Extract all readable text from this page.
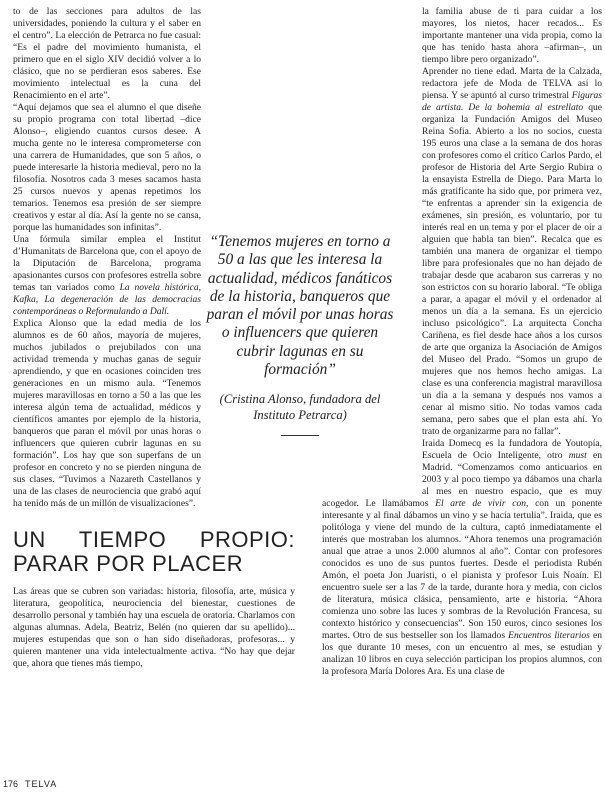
to de las secciones para adultos de las universidades, poniendo la cultura y el saber en el centro”. La elección de Petrarca no fue casual: “Es el padre del movimiento humanista, el primero que en el siglo XIV decidió volver a lo clásico, que no se perdieran esos saberes. Ese movimiento intelectual es la cuna del Renacimiento en el arte”.

“Aquí dejamos que sea el alumno el que diseñe su propio programa con total libertad –dice Alonso–, eligiendo cuantos cursos desee. A mucha gente no le interesa comprometerse con una carrera de Humanidades, que son 5 años, o puede interesarle la historia medieval, pero no la filosofía. Nosotros cada 3 meses sacamos hasta 25 cursos nuevos y apenas repetimos los temarios. Tenemos esa presión de ser siempre creativos y estar al día. Así la gente no se cansa, porque las humanidades son infinitas”.

Una fórmula similar emplea el Institut d’Humanitats de Barcelona que, con el apoyo de la Diputación de Barcelona, programa apasionantes cursos con profesores estrella sobre temas tan variados como La novela histórica, Kafka, La degeneración de las democracias contemporáneas o Reformulando a Dalí.

Explica Alonso que la edad media de los alumnos es de 60 años, mayoría de mujeres, muchos jubilados o prejubilados con una actividad tremenda y muchas ganas de seguir aprendiendo, y que en ocasiones coinciden tres generaciones en un mismo aula. “Tenemos mujeres maravillosas en torno a 50 a las que les interesa algún tema de actualidad, médicos y científicos amantes por ejemplo de la historia, banqueros que paran el móvil por unas horas o influencers que quieren cubrir lagunas en su formación”. Los hay que son superfans de un profesor en concreto y no se pierden ninguna de sus clases. “Tuvimos a Nazareth Castellanos y una de las clases de neurociencia que grabó aquí ha tenido más de un millón de visualizaciones”.

UN TIEMPO PROPIO: PARAR POR PLACER

Las áreas que se cubren son variadas: historia, filosofía, arte, música y literatura, geopolítica, neurociencia del bienestar, cuestiones de desarrollo personal y también hay una escuela de oratoria. Charlamos con algunas alumnas. Adela, Beatriz, Belén (no quieren dar su apellido)... mujeres estupendas que son o han sido diseñadoras, profesoras... y quieren mantener una vida intelectualmente activa. “No hay que dejar que, ahora que tienes más tiempo,

la familia abuse de ti para cuidar a los mayores, los nietos, hacer recados... Es importante mantener una vida propia, como la que has tenido hasta ahora –afirman–, un tiempo libre pero organizado”.

Aprender no tiene edad. Marta de la Calzada, redactora jefe de Moda de TELVA así lo piensa. Y se apuntó al curso trimestral Figuras de artista. De la bohemia al estrellato que organiza la Fundación Amigos del Museo Reina Sofía. Abierto a los no socios, cuesta 195 euros una clase a la semana de dos horas con profesores como el crítico Carlos Pardo, el profesor de Historia del Arte Sergio Rubira o la ensayista Estrella de Diego. Para Marta lo más gratificante ha sido que, por primera vez, “te enfrentas a aprender sin la exigencia de exámenes, sin presión, es voluntario, por tu interés real en un tema y por el placer de oír a alguien que habla tan bien”. Recalca que es también una manera de organizar el tiempo libre para profesionales que no han dejado de trabajar desde que acabaron sus carreras y no son estrictos con su horario laboral. “Te obliga a parar, a apagar el móvil y el ordenador al menos un día a la semana. Es un ejercicio incluso psicológico”. La arquitecta Concha Cariñena, es fiel desde hace años a los cursos de arte que organiza la Asociación de Amigos del Museo del Prado. “Somos un grupo de mujeres que nos hemos hecho amigas. La clase es una conferencia magistral maravillosa un día a la semana y después nos vamos a cenar al mismo sitio. No todas vamos cada semana, pero sabes que el plan esta ahí. Yo trato de organizarme para no fallar”.

Iraida Domecq es la fundadora de Youtopía, Escuela de Ocio Inteligente, otro must en Madrid. “Comenzamos como anticuarios en 2003 y al poco tiempo ya dábamos una charla al mes en nuestro espacio, que es muy acogedor. Le llamábamos El arte de vivir con, con un ponente interesante y al final dábamos un vino y se hacía tertulia”. Iraida, que es politóloga y viene del mundo de la cultura, captó inmediatamente el interés que mostraban los alumnos. “Ahora tenemos una programación anual que atrae a unos 2.000 alumnos al año”. Contar con profesores conocidos es uno de sus puntos fuertes. Desde el periodista Rubén Amón, el poeta Jon Juaristi, o el pianista y profesor Luis Noaín. El encuentro suele ser a las 7 de la tarde, durante hora y media, con ciclos de literatura, música clásica, pensamiento, arte e historia. “Ahora comienza uno sobre las luces y sombras de la Revolución Francesa, su contexto histórico y consecuencias”. Son 150 euros, cinco sesiones los martes. Otro de sus bestseller son los llamados Encuentros literarios en los que durante 10 meses, con un encuentro al mes, se estudian y analizan 10 libros en cuya selección participan los propios alumnos, con la profesora María Dolores Ara. Es una clase de

“Tenemos mujeres en torno a 50 a las que les interesa la actualidad, médicos fanáticos de la historia, banqueros que paran el móvil por unas horas o influencers que quieren cubrir lagunas en su formación”
(Cristina Alonso, fundadora del Instituto Petrarca)
176 TELVA
